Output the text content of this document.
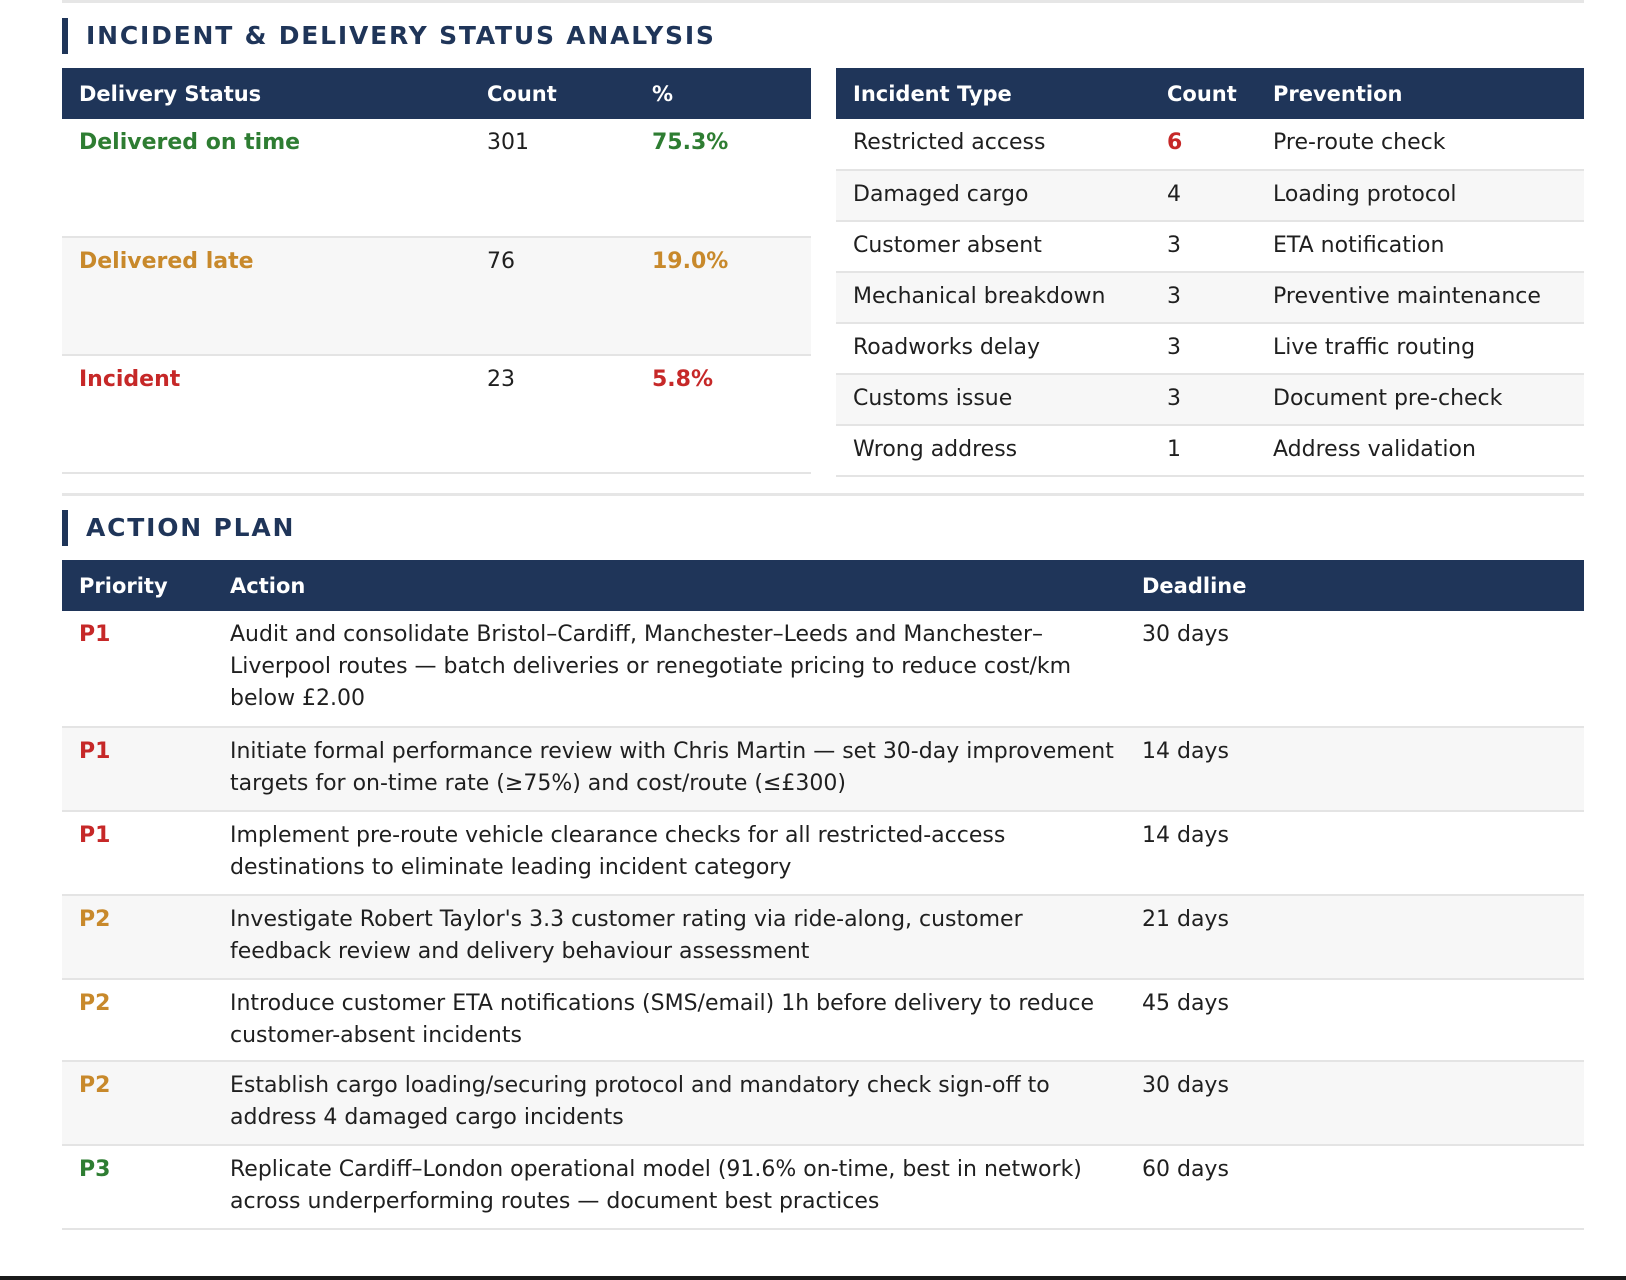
INCIDENT & DELIVERY STATUS ANALYSIS
Delivery Status	Count	%
Delivered on time	301	75.3%
Delivered late	76	19.0%
Incident	23	5.8%
Incident Type	Count	Prevention
Restricted access	6	Pre-route check
Damaged cargo	4	Loading protocol
Customer absent	3	ETA notification
Mechanical breakdown	3	Preventive maintenance
Roadworks delay	3	Live traffic routing
Customs issue	3	Document pre-check
Wrong address	1	Address validation
ACTION PLAN
Priority	Action	Deadline
P1	Audit and consolidate Bristol–Cardiff, Manchester–Leeds and Manchester–Liverpool routes — batch deliveries or renegotiate pricing to reduce cost/km below £2.00	30 days
P1	Initiate formal performance review with Chris Martin — set 30-day improvement targets for on-time rate (≥75%) and cost/route (≤£300)	14 days
P1	Implement pre-route vehicle clearance checks for all restricted-access destinations to eliminate leading incident category	14 days
P2	Investigate Robert Taylor's 3.3 customer rating via ride-along, customer feedback review and delivery behaviour assessment	21 days
P2	Introduce customer ETA notifications (SMS/email) 1h before delivery to reduce customer-absent incidents	45 days
P2	Establish cargo loading/securing protocol and mandatory check sign-off to address 4 damaged cargo incidents	30 days
P3	Replicate Cardiff–London operational model (91.6% on-time, best in network) across underperforming routes — document best practices	60 days
